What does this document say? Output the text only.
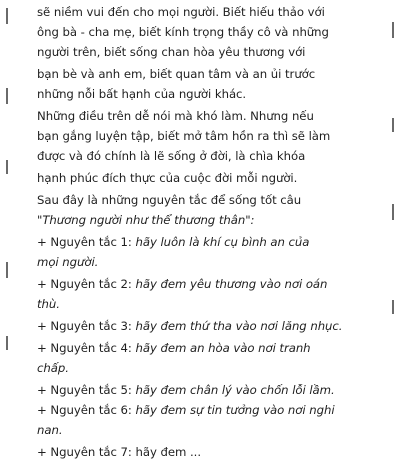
sẽ niềm vui đến cho mọi người. Biết hiếu thảo với
ông bà - cha mẹ, biết kính trọng thầy cô và những
người trên, biết sống chan hòa yêu thương với
bạn bè và anh em, biết quan tâm và an ủi trước
những nỗi bất hạnh của người khác.
Những điều trên dễ nói mà khó làm. Nhưng nếu
bạn gắng luyện tập, biết mở tâm hồn ra thì sẽ làm
được và đó chính là lẽ sống ở đời, là chìa khóa
hạnh phúc đích thực của cuộc đời mỗi người.
Sau đây là những nguyên tắc để sống tốt câu
"Thương người như thể thương thân":
+ Nguyên tắc 1: hãy luôn là khí cụ bình an của
mọi người.
+ Nguyên tắc 2: hãy đem yêu thương vào nơi oán
thù.
+ Nguyên tắc 3: hãy đem thứ tha vào nơi lăng nhục.
+ Nguyên tắc 4: hãy đem an hòa vào nơi tranh
chấp.
+ Nguyên tắc 5: hãy đem chân lý vào chốn lỗi lầm.
+ Nguyên tắc 6: hãy đem sự tin tưởng vào nơi nghi
nan.
+ Nguyên tắc 7: hãy đem ...
